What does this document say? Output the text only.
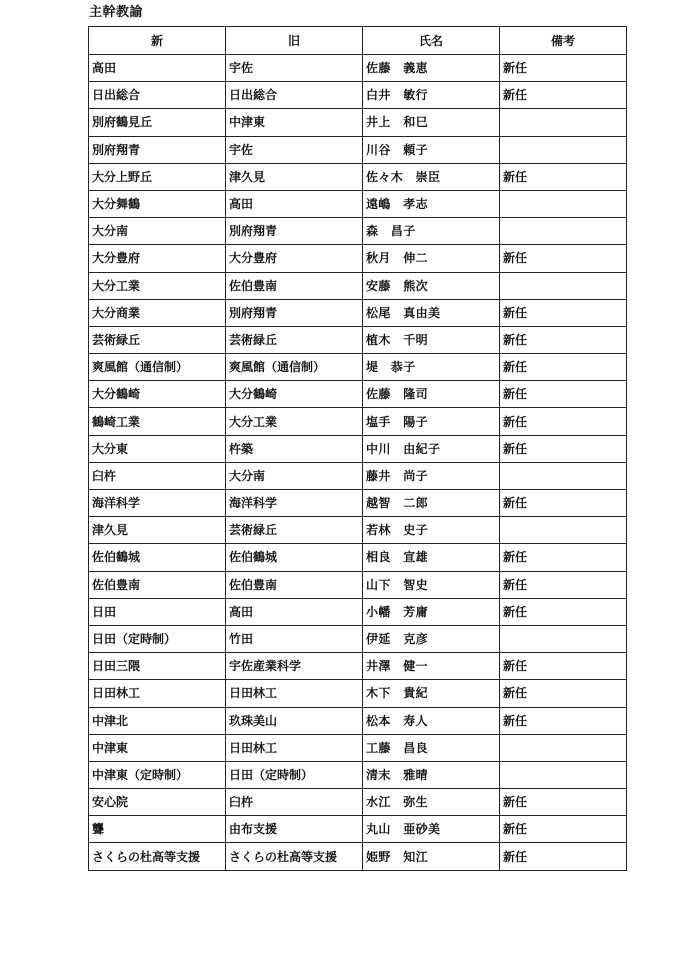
主幹教諭
新	旧	氏名	備考
高田	宇佐	佐藤　義恵	新任
日出総合	日出総合	白井　敏行	新任
別府鶴見丘	中津東	井上　和巳	
別府翔青	宇佐	川谷　頼子	
大分上野丘	津久見	佐々木　崇臣	新任
大分舞鶴	高田	遠嶋　孝志	
大分南	別府翔青	森　昌子	
大分豊府	大分豊府	秋月　伸二	新任
大分工業	佐伯豊南	安藤　熊次	
大分商業	別府翔青	松尾　真由美	新任
芸術緑丘	芸術緑丘	植木　千明	新任
爽風館（通信制）	爽風館（通信制）	堤　恭子	新任
大分鶴崎	大分鶴崎	佐藤　隆司	新任
鶴崎工業	大分工業	塩手　陽子	新任
大分東	杵築	中川　由紀子	新任
臼杵	大分南	藤井　尚子	
海洋科学	海洋科学	越智　二郎	新任
津久見	芸術緑丘	若林　史子	
佐伯鶴城	佐伯鶴城	相良　宣雄	新任
佐伯豊南	佐伯豊南	山下　智史	新任
日田	高田	小幡　芳庸	新任
日田（定時制）	竹田	伊延　克彦	
日田三隈	宇佐産業科学	井澤　健一	新任
日田林工	日田林工	木下　貴紀	新任
中津北	玖珠美山	松本　寿人	新任
中津東	日田林工	工藤　昌良	
中津東（定時制）	日田（定時制）	清末　雅晴	
安心院	臼杵	水江　弥生	新任
聾	由布支援	丸山　亜砂美	新任
さくらの杜高等支援	さくらの杜高等支援	姫野　知江	新任
